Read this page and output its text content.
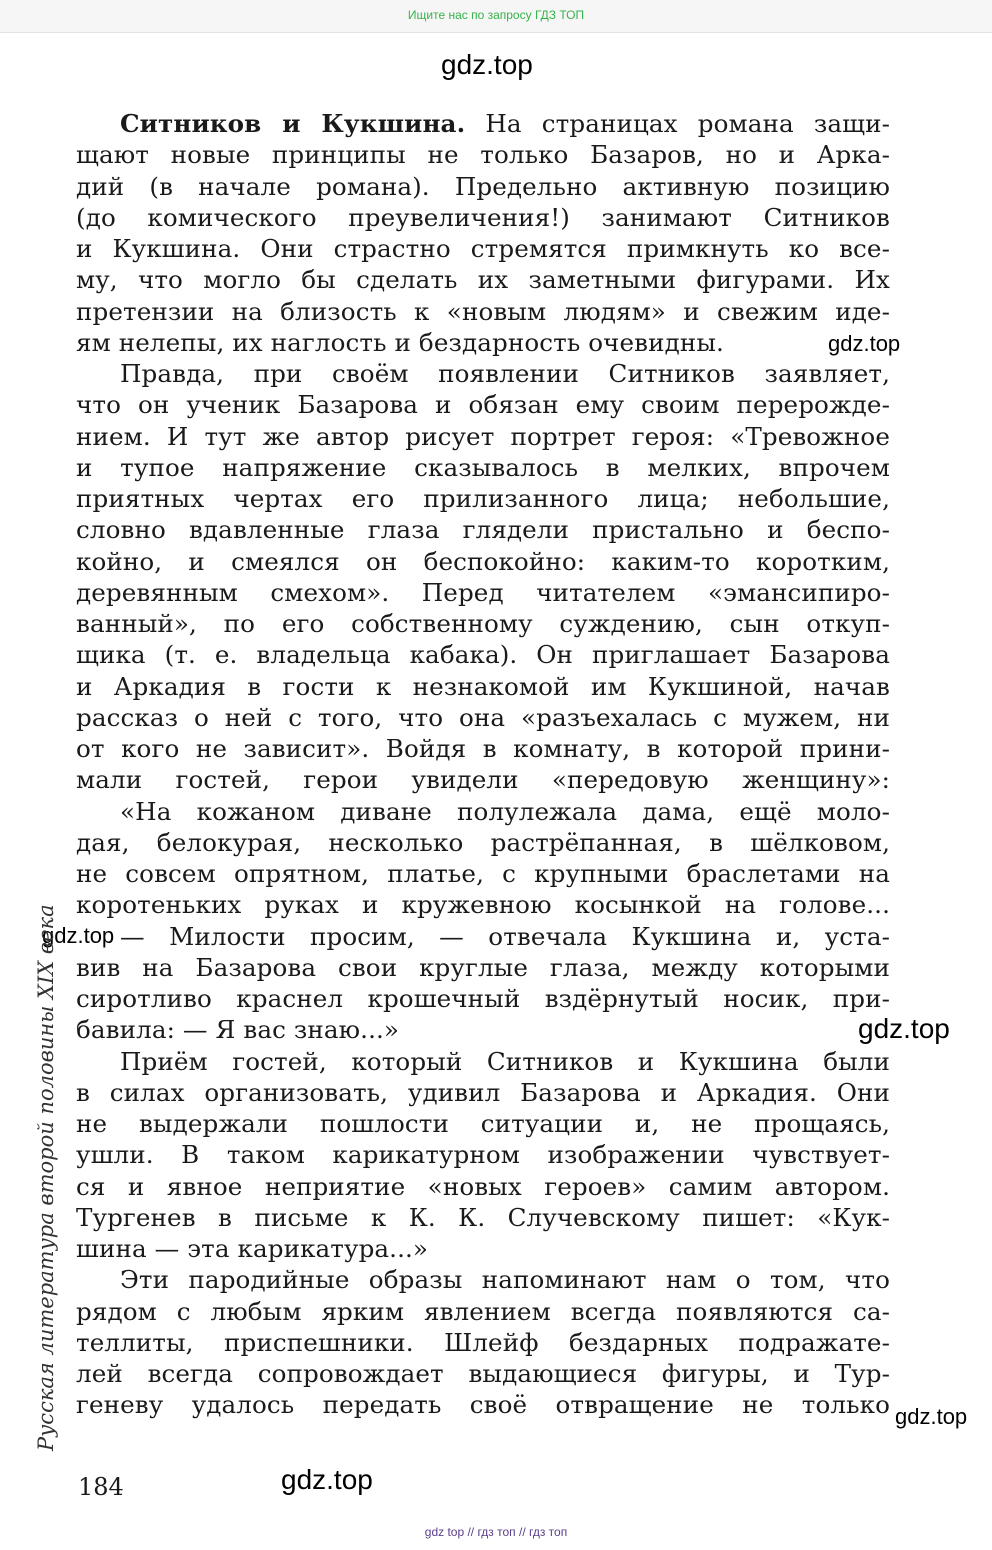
Ищите нас по запросу ГДЗ ТОП
gdz.top
gdz.top
gdz.top
gdz.top
gdz.top
gdz.top
Русская литература второй половины XIX века
184
Ситников и Кукшина. На страницах романа защи-
щают новые принципы не только Базаров, но и Арка-
дий (в начале романа). Предельно активную позицию
(до комического преувеличения!) занимают Ситников
и Кукшина. Они страстно стремятся примкнуть ко все-
му, что могло бы сделать их заметными фигурами. Их
претензии на близость к «новым людям» и свежим иде-
ям нелепы, их наглость и бездарность очевидны.
Правда, при своём появлении Ситников заявляет,
что он ученик Базарова и обязан ему своим перерожде-
нием. И тут же автор рисует портрет героя: «Тревожное
и тупое напряжение сказывалось в мелких, впрочем
приятных чертах его прилизанного лица; небольшие,
словно вдавленные глаза глядели пристально и беспо-
койно, и смеялся он беспокойно: каким-то коротким,
деревянным смехом». Перед читателем «эмансипиро-
ванный», по его собственному суждению, сын откуп-
щика (т. е. владельца кабака). Он приглашает Базарова
и Аркадия в гости к незнакомой им Кукшиной, начав
рассказ о ней с того, что она «разъехалась с мужем, ни
от кого не зависит». Войдя в комнату, в которой прини-
мали гостей, герои увидели «передовую женщину»:
«На кожаном диване полулежала дама, ещё моло-
дая, белокурая, несколько растрёпанная, в шёлковом,
не совсем опрятном, платье, с крупными браслетами на
коротеньких руках и кружевною косынкой на голове...
— Милости просим, — отвечала Кукшина и, уста-
вив на Базарова свои круглые глаза, между которыми
сиротливо краснел крошечный вздёрнутый носик, при-
бавила: — Я вас знаю...»
Приём гостей, который Ситников и Кукшина были
в силах организовать, удивил Базарова и Аркадия. Они
не выдержали пошлости ситуации и, не прощаясь,
ушли. В таком карикатурном изображении чувствует-
ся и явное неприятие «новых героев» самим автором.
Тургенев в письме к К. К. Случевскому пишет: «Кук-
шина — эта карикатура...»
Эти пародийные образы напоминают нам о том, что
рядом с любым ярким явлением всегда появляются са-
теллиты, приспешники. Шлейф бездарных подражате-
лей всегда сопровождает выдающиеся фигуры, и Тур-
геневу удалось передать своё отвращение не только
gdz top // гдз топ // гдз топ
